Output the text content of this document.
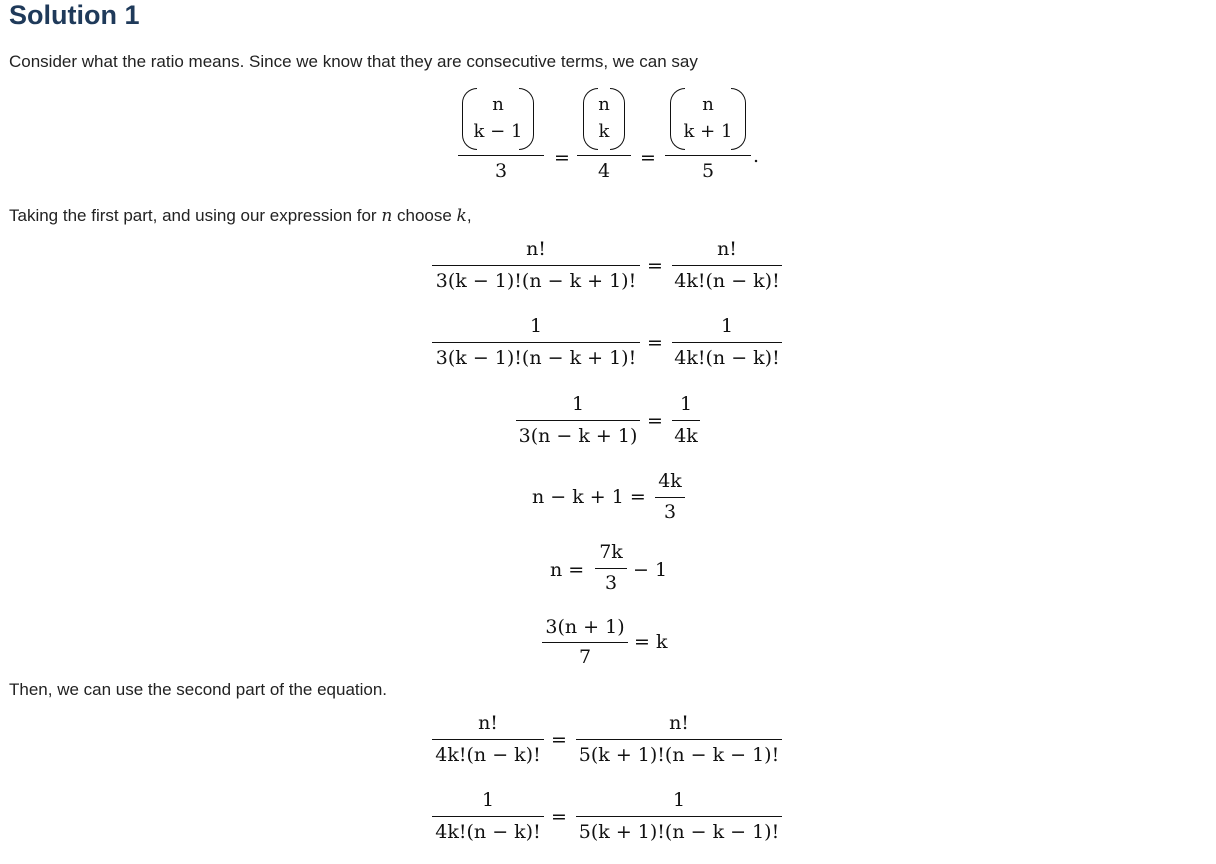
Solution 1
Consider what the ratio means. Since we know that they are consecutive terms, we can say
n
k − 1
3
=
n
k
4
=
n
k + 1
5
.
Taking the first part, and using our expression for n choose k,
n!
3(k − 1)!(n − k + 1)!
=
n!
4k!(n − k)!
1
3(k − 1)!(n − k + 1)!
=
1
4k!(n − k)!
1
3(n − k + 1)
=
1
4k
n − k + 1 =
4k
3
n =
7k
3
− 1
3(n + 1)
7
= k
Then, we can use the second part of the equation.
n!
4k!(n − k)!
=
n!
5(k + 1)!(n − k − 1)!
1
4k!(n − k)!
=
1
5(k + 1)!(n − k − 1)!
